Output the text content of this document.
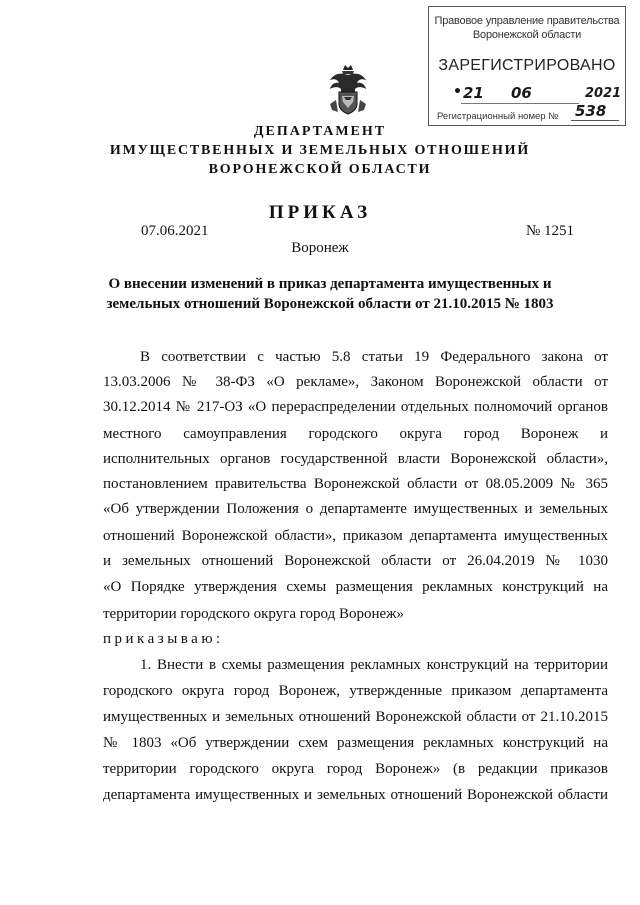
Правовое управление правительства
Воронежской области
ЗАРЕГИСТРИРОВАНО
• 21 06	2021
Регистрационный номер № 538
ДЕПАРТАМЕНТ
ИМУЩЕСТВЕННЫХ И ЗЕМЕЛЬНЫХ ОТНОШЕНИЙ
ВОРОНЕЖСКОЙ ОБЛАСТИ
ПРИКАЗ
07.06.2021	№ 1251
Воронеж
О внесении изменений в приказ департамента имущественных и
земельных отношений Воронежской области от 21.10.2015 № 1803
В соответствии с частью 5.8 статьи 19 Федерального закона от
13.03.2006 № 38-ФЗ «О рекламе», Законом Воронежской области от
30.12.2014 № 217-ОЗ «О перераспределении отдельных полномочий органов
местного самоуправления городского округа город Воронеж и
исполнительных органов государственной власти Воронежской области»,
постановлением правительства Воронежской области от 08.05.2009 № 365
«Об утверждении Положения о департаменте имущественных и земельных
отношений Воронежской области», приказом департамента имущественных
и земельных отношений Воронежской области от 26.04.2019 № 1030
«О Порядке утверждения схемы размещения рекламных конструкций на
территории городского округа город Воронеж»
приказываю:
1. Внести в схемы размещения рекламных конструкций на территории
городского округа город Воронеж, утвержденные приказом департамента
имущественных и земельных отношений Воронежской области от 21.10.2015
№ 1803 «Об утверждении схем размещения рекламных конструкций на
территории городского округа город Воронеж» (в редакции приказов
департамента имущественных и земельных отношений Воронежской области
